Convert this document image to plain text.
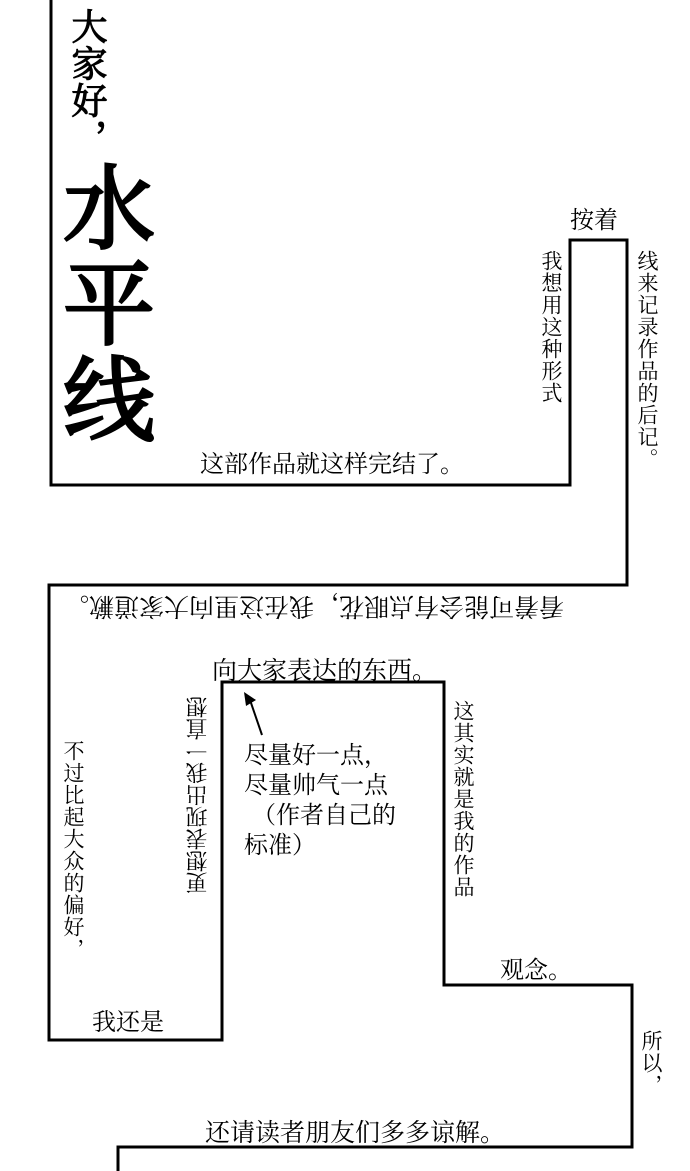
大家好，
水平线
这部作品就这样完结了。
我想用这种形式
按着
线来记录作品的后记。
看着可能会有点眼花，我在这里向大家道歉。
向大家表达的东西。
这其实就是我的作品
观念。
更想表现出我一直想 尽量好一点，
尽量帅气一点
（作者自己的
标准）
不过比起大众的偏好，
我还是
所以，
还请读者朋友们多多谅解。
